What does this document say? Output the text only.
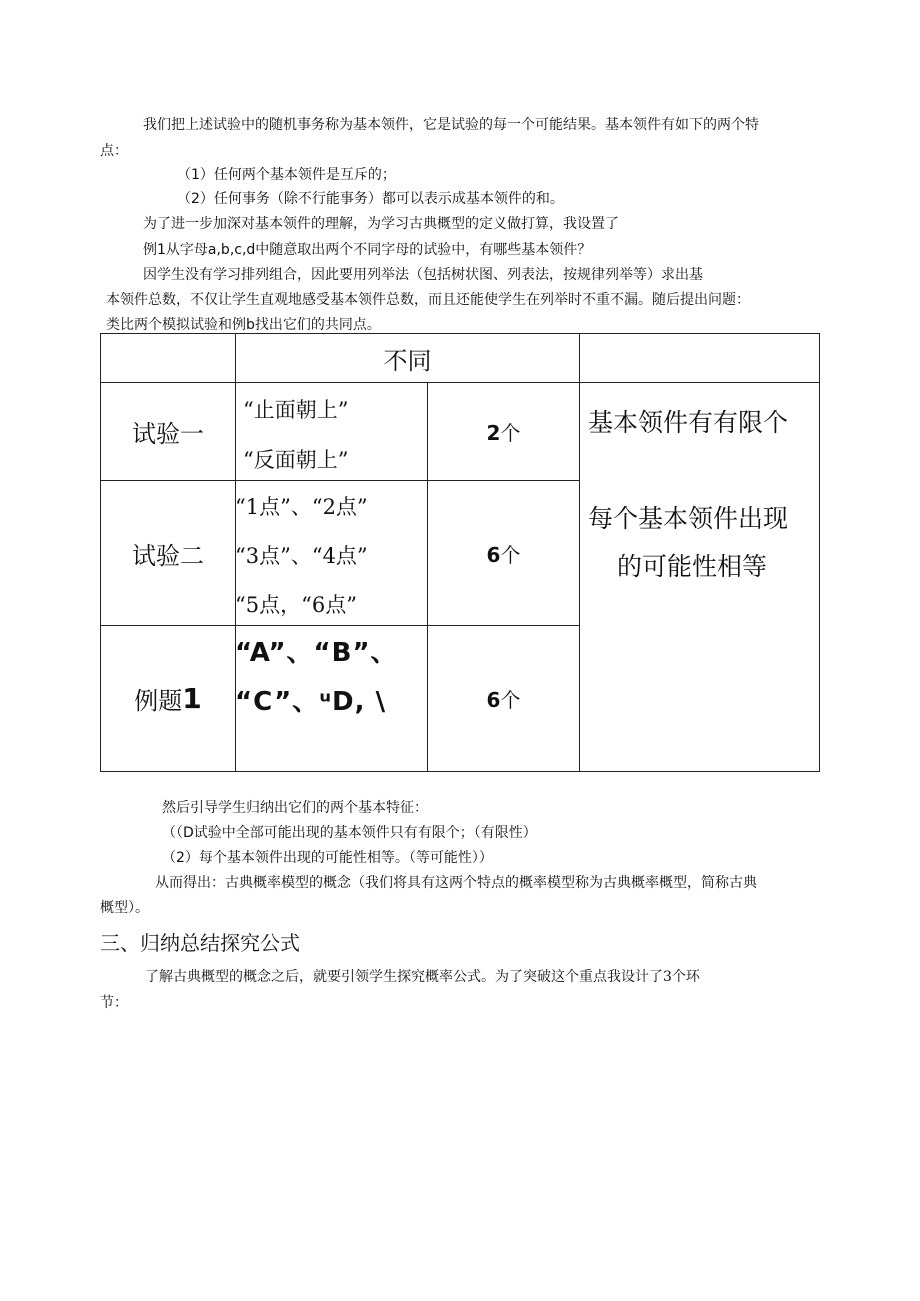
我们把上述试验中的随机事务称为基本领件，它是试验的每一个可能结果。基本领件有如下的两个特
点：
（1）任何两个基本领件是互斥的；
（2）任何事务（除不行能事务）都可以表示成基本领件的和。
为了进一步加深对基本领件的理解，为学习古典概型的定义做打算，我设置了
例1从字母a,b,c,d中随意取出两个不同字母的试验中，有哪些基本领件？
因学生没有学习排列组合，因此要用列举法（包括树状图、列表法，按规律列举等）求出基
本领件总数，不仅让学生直观地感受基本领件总数，而且还能使学生在列举时不重不漏。随后提出问题：
类比两个模拟试验和例b找出它们的共同点。
不同
试验一
“止面朝上”
“反面朝上”
2个
试验二
“1点”、“2点”
“3点”、“4点”
“5点，“6点”
6个
例题 1
“A”、“B”、
“C”、ᵘD, \	6个
基本领件有有限个
每个基本领件出现
的可能性相等
然后引导学生归纳出它们的两个基本特征：
（（D试验中全部可能出现的基本领件只有有限个；（有限性）
（2）每个基本领件出现的可能性相等。（等可能性））
从而得出：古典概率模型的概念（我们将具有这两个特点的概率模型称为古典概率概型，简称古典
概型）。
三、归纳总结探究公式
了解古典概型的概念之后，就要引领学生探究概率公式。为了突破这个重点我设计了3个环
节：
